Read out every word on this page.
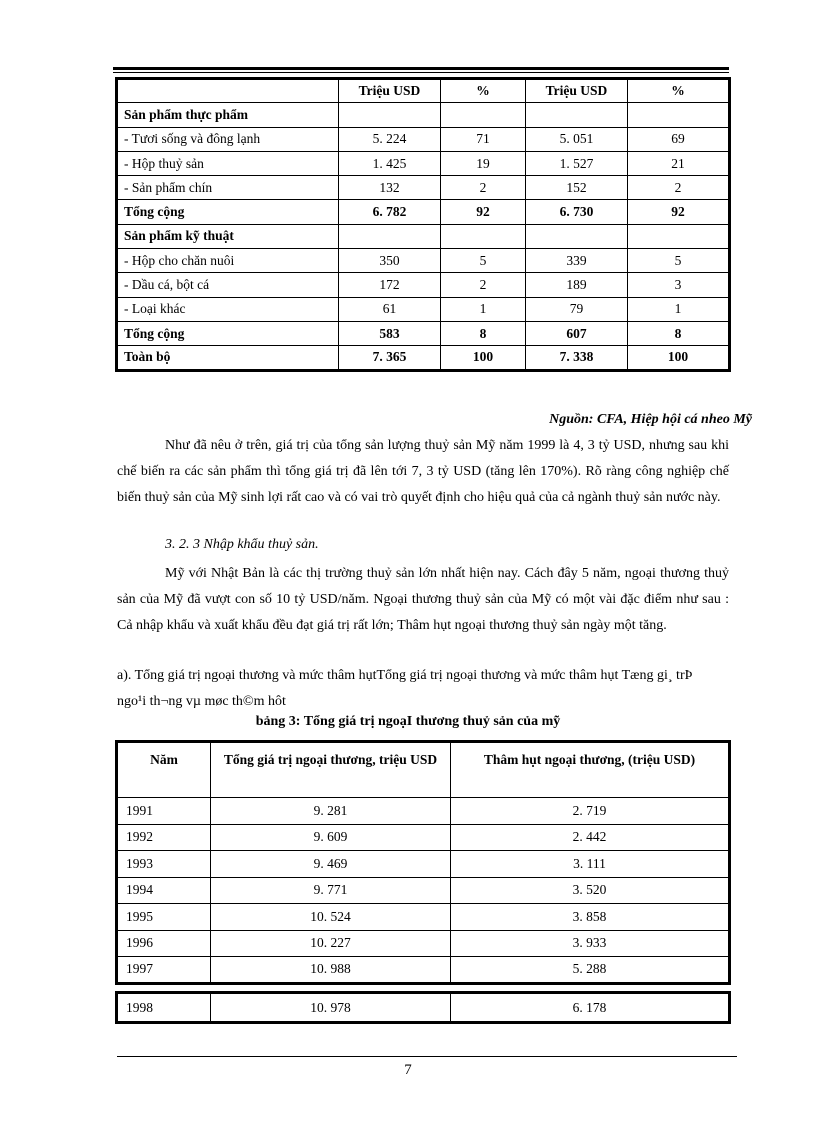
	Triệu USD	%	Triệu USD	%
Sản phẩm thực phẩm				
- Tươi sống và đông lạnh	5. 224	71	5. 051	69
- Hộp thuỷ sản	1. 425	19	1. 527	21
- Sản phẩm chín	132	2	152	2
Tổng cộng	6. 782	92	6. 730	92
Sản phẩm kỹ thuật				
- Hộp cho chăn nuôi	350	5	339	5
- Dầu cá, bột cá	172	2	189	3
- Loại khác	61	1	79	1
Tổng cộng	583	8	607	8
Toàn bộ	7. 365	100	7. 338	100
Nguồn: CFA, Hiệp hội cá nheo Mỹ
Như đã nêu ở trên, giá trị của tổng sản lượng thuỷ sản Mỹ năm 1999 là 4, 3 tỷ USD, nhưng sau khi chế biến ra các sản phẩm thì tổng giá trị đã lên tới 7, 3 tỷ USD (tăng lên 170%). Rõ ràng công nghiệp chế biến thuỷ sản của Mỹ sinh lợi rất cao và có vai trò quyết định cho hiệu quả của cả ngành thuỷ sản nước này.
3. 2. 3 Nhập khẩu thuỷ sản.
Mỹ với Nhật Bản là các thị trường thuỷ sản lớn nhất hiện nay. Cách đây 5 năm, ngoại thương thuỷ sản của Mỹ đã vượt con số 10 tỷ USD/năm. Ngoại thương thuỷ sản của Mỹ có một vài đặc điểm như sau : Cả nhập khẩu và xuất khẩu đều đạt giá trị rất lớn; Thâm hụt ngoại thương thuỷ sản ngày một tăng.
a). Tổng giá trị ngoại thương và mức thâm hụtTổng giá trị ngoại thương và mức thâm hụt Tæng gi¸ trÞ
ngo¹i th¬ng vµ møc th©m hôt
bảng 3: Tổng giá trị ngoạI thương thuỷ sản của mỹ
Năm	Tổng giá trị ngoại thương, triệu USD	Thâm hụt ngoại thương, (triệu USD)
1991	9. 281	2. 719
1992	9. 609	2. 442
1993	9. 469	3. 111
1994	9. 771	3. 520
1995	10. 524	3. 858
1996	10. 227	3. 933
1997	10. 988	5. 288
1998	10. 978	6. 178
7
